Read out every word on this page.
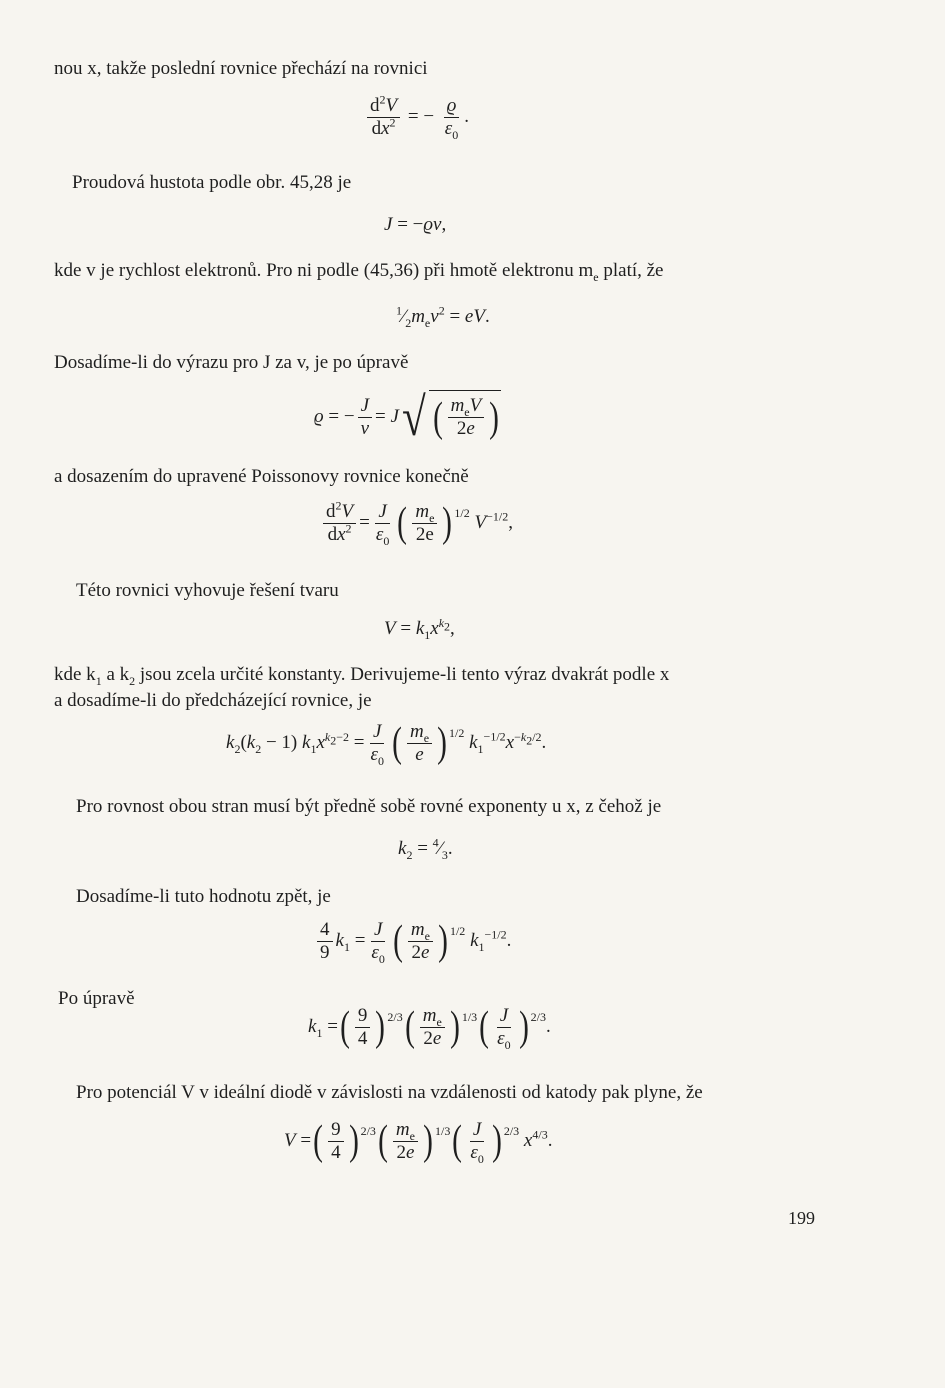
nou x, takže poslední rovnice přechází na rovnici
$\frac{d^2V}{dx^2}$ = − $\frac{ϱ}{\varepsilon_0}$ .
Proudová hustota podle obr. 45,28 je
J = −ϱv,
kde v je rychlost elektronů. Pro ni podle (45,36) při hmotě elektronu $m_e$ platí, že
$^1⁄_2m_ev^2$ = eV.
Dosadíme-li do výrazu pro J za v, je po úpravě
ϱ = − $\frac{J}{v} = J$ √ ( $m_eV$
2e )
a dosazením do upravené Poissonovy rovnice konečně
$\frac{d^2V}{dx^2} = \frac{J}{\varepsilon_0}$ ( $m_e$
2e )$^{1/2}$ $V^{-1/2}$,
Této rovnici vyhovuje řešení tvaru
$V = k_1x^{k_2}$,
kde $k_1$ a $k_2$ jsou zcela určité konstanty. Derivujeme-li tento výraz dvakrát podle x
a dosadíme-li do předcházející rovnice, je
$k_2(k_2 - 1) k_1x^{k_2-2} = \frac{J}{\varepsilon_0}$ ( $m_e$
e )$^{1/2}$ $k_1^{-1/2}x^{-k_2/2}$.
Pro rovnost obou stran musí být předně sobě rovné exponenty u x, z čehož je
$k_2$ = $^4⁄_3$.
Dosadíme-li tuto hodnotu zpět, je
4
9
$k_1 = \frac{J}{\varepsilon_0}$ ( $m_e$
2e )$^{1/2}$ $k_1^{-1/2}$.
Po úpravě
$k_1$ = ( 9
4 )$^{2/3}$ ( $m_e$
2e )$^{1/3}$ ( J
$\varepsilon_0$ )$^{2/3}$ .
Pro potenciál V v ideální diodě v závislosti na vzdálenosti od katody pak plyne, že
V = ( 9
4 )$^{2/3}$ ( $m_e$
2e )$^{1/3}$ ( J
$\varepsilon_0$ )$^{2/3}$ $x^{4/3}$.
199
